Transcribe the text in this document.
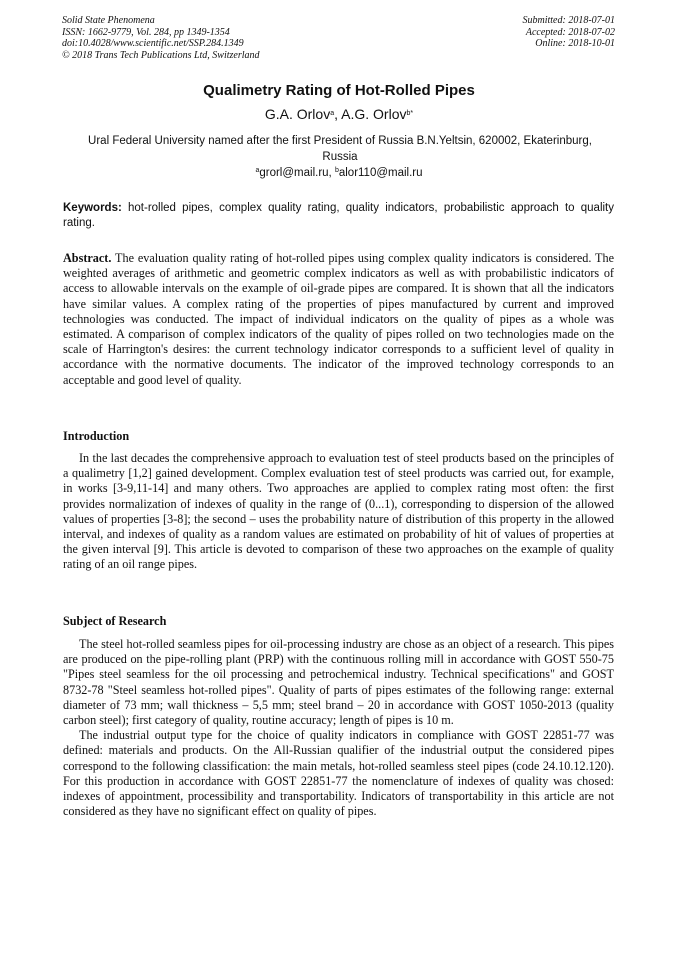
Solid State Phenomena
ISSN: 1662-9779, Vol. 284, pp 1349-1354
doi:10.4028/www.scientific.net/SSP.284.1349
© 2018 Trans Tech Publications Ltd, Switzerland
Submitted: 2018-07-01
Accepted: 2018-07-02
Online: 2018-10-01
Qualimetry Rating of Hot-Rolled Pipes
G.A. Orlov$^a$, A.G. Orlov$^{b*}$
Ural Federal University named after the first President of Russia B.N.Yeltsin, 620002, Ekaterinburg, Russia
$^a$grorl@mail.ru, $^b$alor110@mail.ru
Keywords: hot-rolled pipes, complex quality rating, quality indicators, probabilistic approach to quality rating.

Abstract. The evaluation quality rating of hot-rolled pipes using complex quality indicators is considered. The weighted averages of arithmetic and geometric complex indicators as well as with probabilistic indicators of access to allowable intervals on the example of oil-grade pipes are compared. It is shown that all the indicators have similar values. A complex rating of the properties of pipes manufactured by current and improved technologies was conducted. The impact of individual indicators on the quality of pipes as a whole was estimated. A comparison of complex indicators of the quality of pipes rolled on two technologies made on the scale of Harrington's desires: the current technology indicator corresponds to a sufficient level of quality in accordance with the normative documents. The indicator of the improved technology corresponds to an acceptable and good level of quality.

Introduction

In the last decades the comprehensive approach to evaluation test of steel products based on the principles of a qualimetry [1,2] gained development. Complex evaluation test of steel products was carried out, for example, in works [3-9,11-14] and many others. Two approaches are applied to complex rating most often: the first provides normalization of indexes of quality in the range of (0...1), corresponding to dispersion of the allowed values of properties [3-8]; the second – uses the probability nature of distribution of this property in the allowed interval, and indexes of quality as a random values are estimated on probability of hit of values of properties at the given interval [9]. This article is devoted to comparison of these two approaches on the example of quality rating of an oil range pipes.

Subject of Research

The steel hot-rolled seamless pipes for oil-processing industry are chose as an object of a research. This pipes are produced on the pipe-rolling plant (PRP) with the continuous rolling mill in accordance with GOST 550-75 "Pipes steel seamless for the oil processing and petrochemical industry. Technical specifications" and GOST 8732-78 "Steel seamless hot-rolled pipes". Quality of parts of pipes estimates of the following range: external diameter of 73 mm; wall thickness – 5,5 mm; steel brand – 20 in accordance with GOST 1050-2013 (quality carbon steel); first category of quality, routine accuracy; length of pipes is 10 m.

The industrial output type for the choice of quality indicators in compliance with GOST 22851-77 was defined: materials and products. On the All-Russian qualifier of the industrial output the considered pipes correspond to the following classification: the main metals, hot-rolled seamless steel pipes (code 24.10.12.120). For this production in accordance with GOST 22851-77 the nomenclature of indexes of quality was chosed: indexes of appointment, processibility and transportability. Indicators of transportability in this article are not considered as they have no significant effect on quality of pipes.
